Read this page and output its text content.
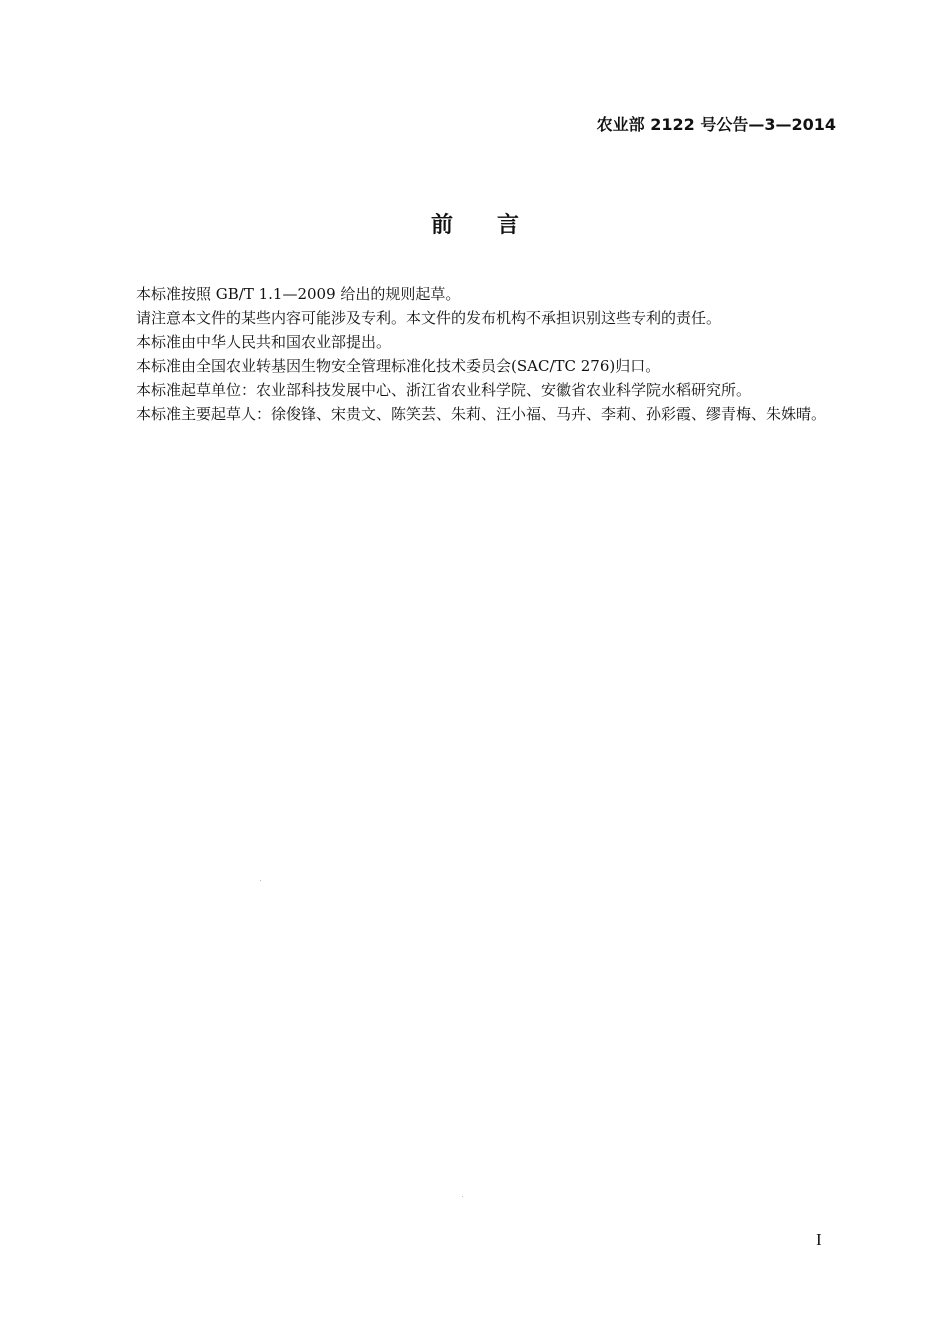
农业部 2122 号公告—3—2014
前　　言
本标准按照 GB/T 1.1—2009 给出的规则起草。
请注意本文件的某些内容可能涉及专利。本文件的发布机构不承担识别这些专利的责任。
本标准由中华人民共和国农业部提出。
本标准由全国农业转基因生物安全管理标准化技术委员会(SAC/TC 276)归口。
本标准起草单位：农业部科技发展中心、浙江省农业科学院、安徽省农业科学院水稻研究所。
本标准主要起草人：徐俊锋、宋贵文、陈笑芸、朱莉、汪小福、马卉、李莉、孙彩霞、缪青梅、朱姝晴。
I
